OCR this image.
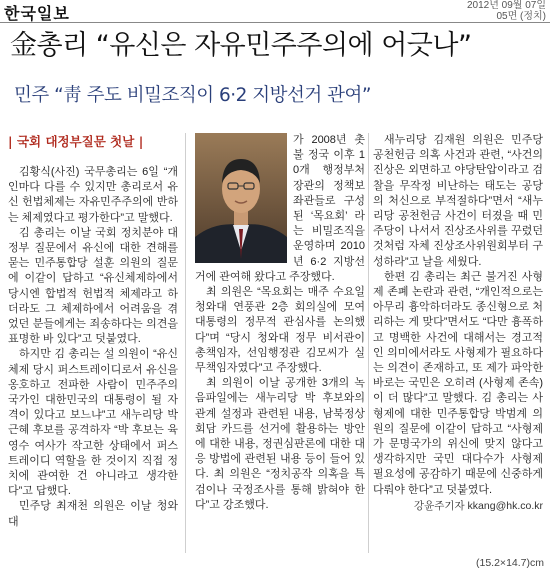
한국일보	2012년 09월 07일
05면 (정치)
金총리 “유신은 자유민주주의에 어긋나”
민주 “靑 주도 비밀조직이 6·2 지방선거 관여”
| 국회 대정부질문 첫날 |

김황식(사진) 국무총리는 6일 “개인마다 다를 수 있지만 총리로서 유신 헌법체제는 자유민주주의에 반하는 체제였다고 평가한다”고 말했다.

김 총리는 이날 국회 정치분야 대정부 질문에서 유신에 대한 견해를 묻는 민주통합당 설훈 의원의 질문에 이같이 답하고 “유신체제하에서 당시엔 합법적 헌법적 체제라고 하더라도 그 체제하에서 어려움을 겪었던 분들에게는 죄송하다는 의견을 표명한 바 있다”고 덧붙였다.

하지만 김 총리는 설 의원이 “유신체제 당시 퍼스트레이디로서 유신을 옹호하고 전파한 사람이 민주주의 국가인 대한민국의 대통령이 될 자격이 있다고 보느냐”고 새누리당 박근혜 후보를 공격하자 “박 후보는 육영수 여사가 작고한 상태에서 퍼스트레이디 역할을 한 것이지 직접 정치에 관여한 건 아니라고 생각한다”고 답했다.

민주당 최재천 의원은 이날 청와대

가 2008년 촛불 정국 이후 10개 행정부처 장관의 정책보좌관들로 구성된 ‘목요회’ 라는 비밀조직을 운영하며 2010년 6·2 지방선거에 관여해 왔다고 주장했다.

최 의원은 “목요회는 매주 수요일 청와대 연풍관 2층 회의실에 모여 대통령의 정무적 관심사를 논의했다”며 “당시 청와대 정무 비서관이 총책임자, 선임행정관 김모씨가 실무책임자였다”고 주장했다.

최 의원이 이날 공개한 3개의 녹음파일에는 새누리당 박 후보와의 관계 설정과 관련된 내용, 남북정상회담 카드를 선거에 활용하는 방안에 대한 내용, 정권심판론에 대한 대응 방법에 관련된 내용 등이 들어 있다. 최 의원은 “정치공작 의혹을 특검이나 국정조사를 통해 밝혀야 한다”고 강조했다.

새누리당 김재원 의원은 민주당 공천헌금 의혹 사건과 관련, “사건의 진상은 외면하고 야당탄압이라고 검찰을 무작정 비난하는 태도는 공당의 처신으로 부적절하다”면서 “새누리당 공천헌금 사건이 터졌을 때 민주당이 나서서 진상조사위를 꾸렸던 것처럼 자체 진상조사위원회부터 구성하라”고 날을 세웠다.

한편 김 총리는 최근 불거진 사형제 존폐 논란과 관련, “개인적으로는 아무리 흉악하더라도 종신형으로 처리하는 게 맞다”면서도 “다만 흉폭하고 명백한 사건에 대해서는 경고적인 의미에서라도 사형제가 필요하다는 의견이 존재하고, 또 제가 파악한 바로는 국민은 오히려 (사형제 존속)이 더 많다”고 말했다. 김 총리는 사형제에 대한 민주통합당 박범계 의원의 질문에 이같이 답하고 “사형제가 문명국가의 위신에 맞지 않다고 생각하지만 국민 대다수가 사형제 필요성에 공감하기 때문에 신중하게 다뤄야 한다”고 덧붙였다.

강윤주기자 kkang@hk.co.kr
(15.2×14.7)cm
